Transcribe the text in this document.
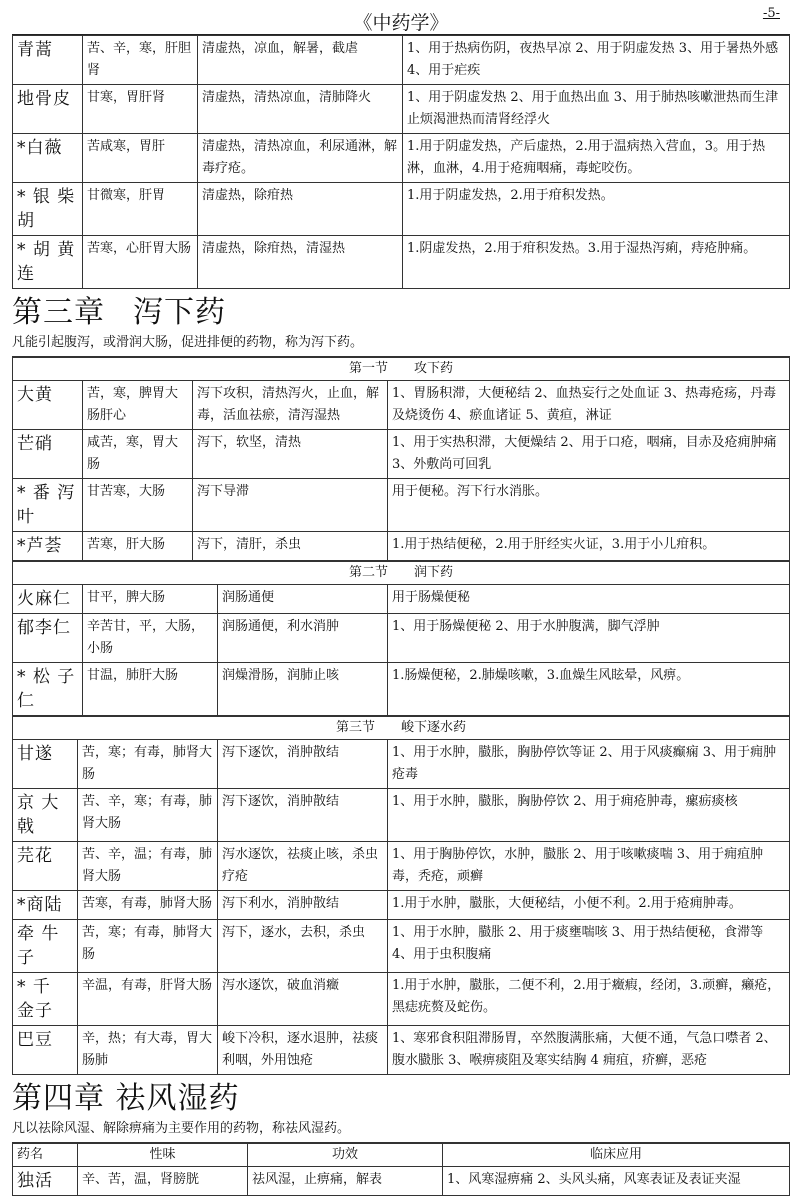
《中药学》	-5-
青蒿	苦、辛，寒，肝胆肾	清虚热，凉血，解暑，截虐	1、用于热病伤阴，夜热早凉 2、用于阴虚发热 3、用于暑热外感 4、用于疟疾
地骨皮	甘寒，胃肝肾	清虚热，清热凉血，清肺降火	1、用于阴虚发热 2、用于血热出血 3、用于肺热咳嗽泄热而生津止烦渴泄热而清肾经浮火
*白薇	苦咸寒，胃肝	清虚热，清热凉血，利尿通淋，解毒疗疮。	1.用于阴虚发热，产后虚热，2.用于温病热入营血，3。用于热淋，血淋，4.用于疮痈咽痛，毒蛇咬伤。
* 银 柴胡	甘微寒，肝胃	清虚热，除疳热	1.用于阴虚发热，2.用于疳积发热。
* 胡 黄连	苦寒，心肝胃大肠	清虚热，除疳热，清湿热	1.阴虚发热，2.用于疳积发热。3.用于湿热泻痢，痔疮肿痛。
第三章 泻下药
凡能引起腹泻，或滑润大肠，促进排便的药物，称为泻下药。
第一节　　攻下药			
大黄	苦，寒，脾胃大肠肝心	泻下攻积，清热泻火，止血，解毒，活血祛瘀，清泻湿热	1、胃肠积滞，大便秘结 2、血热妄行之处血证 3、热毒疮疡，丹毒及烧烫伤 4、瘀血诸证 5、黄疸，淋证
芒硝	咸苦，寒，胃大肠	泻下，软坚，清热	1、用于实热积滞，大便燥结 2、用于口疮，咽痛，目赤及疮痈肿痛 3、外敷尚可回乳
* 番 泻叶	甘苦寒，大肠	泻下导滞	用于便秘。泻下行水消胀。
*芦荟	苦寒，肝大肠	泻下，清肝，杀虫	1.用于热结便秘，2.用于肝经实火证，3.用于小儿疳积。
第二节　　润下药			
火麻仁	甘平，脾大肠	润肠通便	用于肠燥便秘
郁李仁	辛苦甘，平，大肠，小肠	润肠通便，利水消肿	1、用于肠燥便秘 2、用于水肿腹满，脚气浮肿
* 松 子仁	甘温，肺肝大肠	润燥滑肠，润肺止咳	1.肠燥便秘，2.肺燥咳嗽，3.血燥生风眩晕，风痹。
第三节　　峻下逐水药			
甘遂	苦，寒；有毒，肺肾大肠	泻下逐饮，消肿散结	1、用于水肿，臌胀，胸胁停饮等证 2、用于风痰癫痫 3、用于痈肿疮毒
京 大戟	苦、辛，寒；有毒，肺肾大肠	泻下逐饮，消肿散结	1、用于水肿，臌胀，胸胁停饮 2、用于痈疮肿毒，瘰疬痰核
芫花	苦、辛，温；有毒，肺肾大肠	泻水逐饮，祛痰止咳，杀虫疗疮	1、用于胸胁停饮，水肿，臌胀 2、用于咳嗽痰喘 3、用于痈疽肿毒，秃疮，顽癣
*商陆	苦寒，有毒，肺肾大肠	泻下利水，消肿散结	1.用于水肿，臌胀，大便秘结，小便不利。2.用于疮痈肿毒。
牵 牛子	苦，寒；有毒，肺肾大肠	泻下，逐水，去积，杀虫	1、用于水肿，臌胀 2、用于痰壅喘咳 3、用于热结便秘，食滞等 4、用于虫积腹痛
* 千 金子	辛温，有毒，肝肾大肠	泻水逐饮，破血消癥	1.用于水肿，臌胀，二便不利，2.用于癥瘕，经闭，3.顽癣，癞疮，黑痣疣赘及蛇伤。
巴豆	辛，热；有大毒，胃大肠肺	峻下冷积，逐水退肿，祛痰利咽，外用蚀疮	1、寒邪食积阻滞肠胃，卒然腹满胀痛，大便不通，气急口噤者 2、腹水臌胀 3、喉痹痰阻及寒实结胸 4 痈疽，疥癣，恶疮
第四章 祛风湿药
凡以祛除风湿、解除痹痛为主要作用的药物，称祛风湿药。
药名	性味	功效	临床应用
独活	辛、苦，温，肾膀胱	祛风湿，止痹痛，解表	1、风寒湿痹痛 2、头风头痛，风寒表证及表证夹湿
